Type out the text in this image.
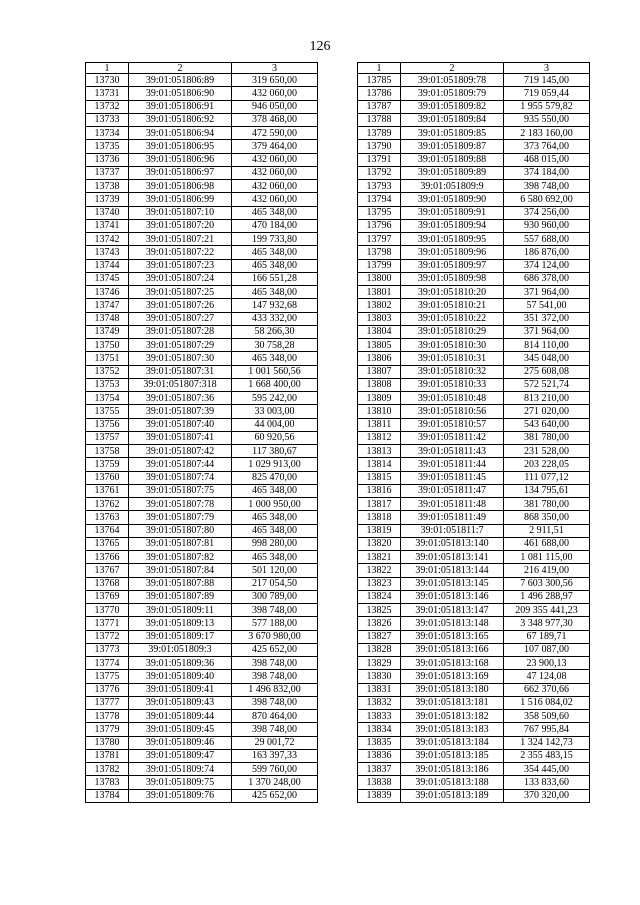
126
1	2	3
13730	39:01:051806:89	319 650,00
13731	39:01:051806:90	432 060,00
13732	39:01:051806:91	946 050,00
13733	39:01:051806:92	378 468,00
13734	39:01:051806:94	472 590,00
13735	39:01:051806:95	379 464,00
13736	39:01:051806:96	432 060,00
13737	39:01:051806:97	432 060,00
13738	39:01:051806:98	432 060,00
13739	39:01:051806:99	432 060,00
13740	39:01:051807:10	465 348,00
13741	39:01:051807:20	470 184,00
13742	39:01:051807:21	199 733,80
13743	39:01:051807:22	465 348,00
13744	39:01:051807:23	465 348,00
13745	39:01:051807:24	166 551,28
13746	39:01:051807:25	465 348,00
13747	39:01:051807:26	147 932,68
13748	39:01:051807:27	433 332,00
13749	39:01:051807:28	58 266,30
13750	39:01:051807:29	30 758,28
13751	39:01:051807:30	465 348,00
13752	39:01:051807:31	1 001 560,56
13753	39:01:051807:318	1 668 400,00
13754	39:01:051807:36	595 242,00
13755	39:01:051807:39	33 003,00
13756	39:01:051807:40	44 004,00
13757	39:01:051807:41	60 920,56
13758	39:01:051807:42	117 380,67
13759	39:01:051807:44	1 029 913,00
13760	39:01:051807:74	825 470,00
13761	39:01:051807:75	465 348,00
13762	39:01:051807:78	1 000 950,00
13763	39:01:051807:79	465 348,00
13764	39:01:051807:80	465 348,00
13765	39:01:051807:81	998 280,00
13766	39:01:051807:82	465 348,00
13767	39:01:051807:84	501 120,00
13768	39:01:051807:88	217 054,50
13769	39:01:051807:89	300 789,00
13770	39:01:051809:11	398 748,00
13771	39:01:051809:13	577 188,00
13772	39:01:051809:17	3 670 980,00
13773	39:01:051809:3	425 652,00
13774	39:01:051809:36	398 748,00
13775	39:01:051809:40	398 748,00
13776	39:01:051809:41	1 496 832,00
13777	39:01:051809:43	398 748,00
13778	39:01:051809:44	870 464,00
13779	39:01:051809:45	398 748,00
13780	39:01:051809:46	29 001,72
13781	39:01:051809:47	163 397,33
13782	39:01:051809:74	599 760,00
13783	39:01:051809:75	1 370 248,00
13784	39:01:051809:76	425 652,00
1	2	3
13785	39:01:051809:78	719 145,00
13786	39:01:051809:79	719 059,44
13787	39:01:051809:82	1 955 579,82
13788	39:01:051809:84	935 550,00
13789	39:01:051809:85	2 183 160,00
13790	39:01:051809:87	373 764,00
13791	39:01:051809:88	468 015,00
13792	39:01:051809:89	374 184,00
13793	39:01:051809:9	398 748,00
13794	39:01:051809:90	6 580 692,00
13795	39:01:051809:91	374 256,00
13796	39:01:051809:94	930 960,00
13797	39:01:051809:95	557 688,00
13798	39:01:051809:96	186 876,00
13799	39:01:051809:97	374 124,00
13800	39:01:051809:98	686 378,00
13801	39:01:051810:20	371 964,00
13802	39:01:051810:21	57 541,00
13803	39:01:051810:22	351 372,00
13804	39:01:051810:29	371 964,00
13805	39:01:051810:30	814 110,00
13806	39:01:051810:31	345 048,00
13807	39:01:051810:32	275 608,08
13808	39:01:051810:33	572 521,74
13809	39:01:051810:48	813 210,00
13810	39:01:051810:56	271 020,00
13811	39:01:051810:57	543 640,00
13812	39:01:051811:42	381 780,00
13813	39:01:051811:43	231 528,00
13814	39:01:051811:44	203 228,05
13815	39:01:051811:45	111 077,12
13816	39:01:051811:47	134 795,61
13817	39:01:051811:48	381 780,00
13818	39:01:051811:49	868 350,00
13819	39:01:051811:7	2 911,51
13820	39:01:051813:140	461 688,00
13821	39:01:051813:141	1 081 115,00
13822	39:01:051813:144	216 419,00
13823	39:01:051813:145	7 603 300,56
13824	39:01:051813:146	1 496 288,97
13825	39:01:051813:147	209 355 441,23
13826	39:01:051813:148	3 348 977,30
13827	39:01:051813:165	67 189,71
13828	39:01:051813:166	107 087,00
13829	39:01:051813:168	23 900,13
13830	39:01:051813:169	47 124,08
13831	39:01:051813:180	662 370,66
13832	39:01:051813:181	1 516 084,02
13833	39:01:051813:182	358 509,60
13834	39:01:051813:183	767 995,84
13835	39:01:051813:184	1 324 142,73
13836	39:01:051813:185	2 355 483,15
13837	39:01:051813:186	354 445,00
13838	39:01:051813:188	133 833,60
13839	39:01:051813:189	370 320,00
